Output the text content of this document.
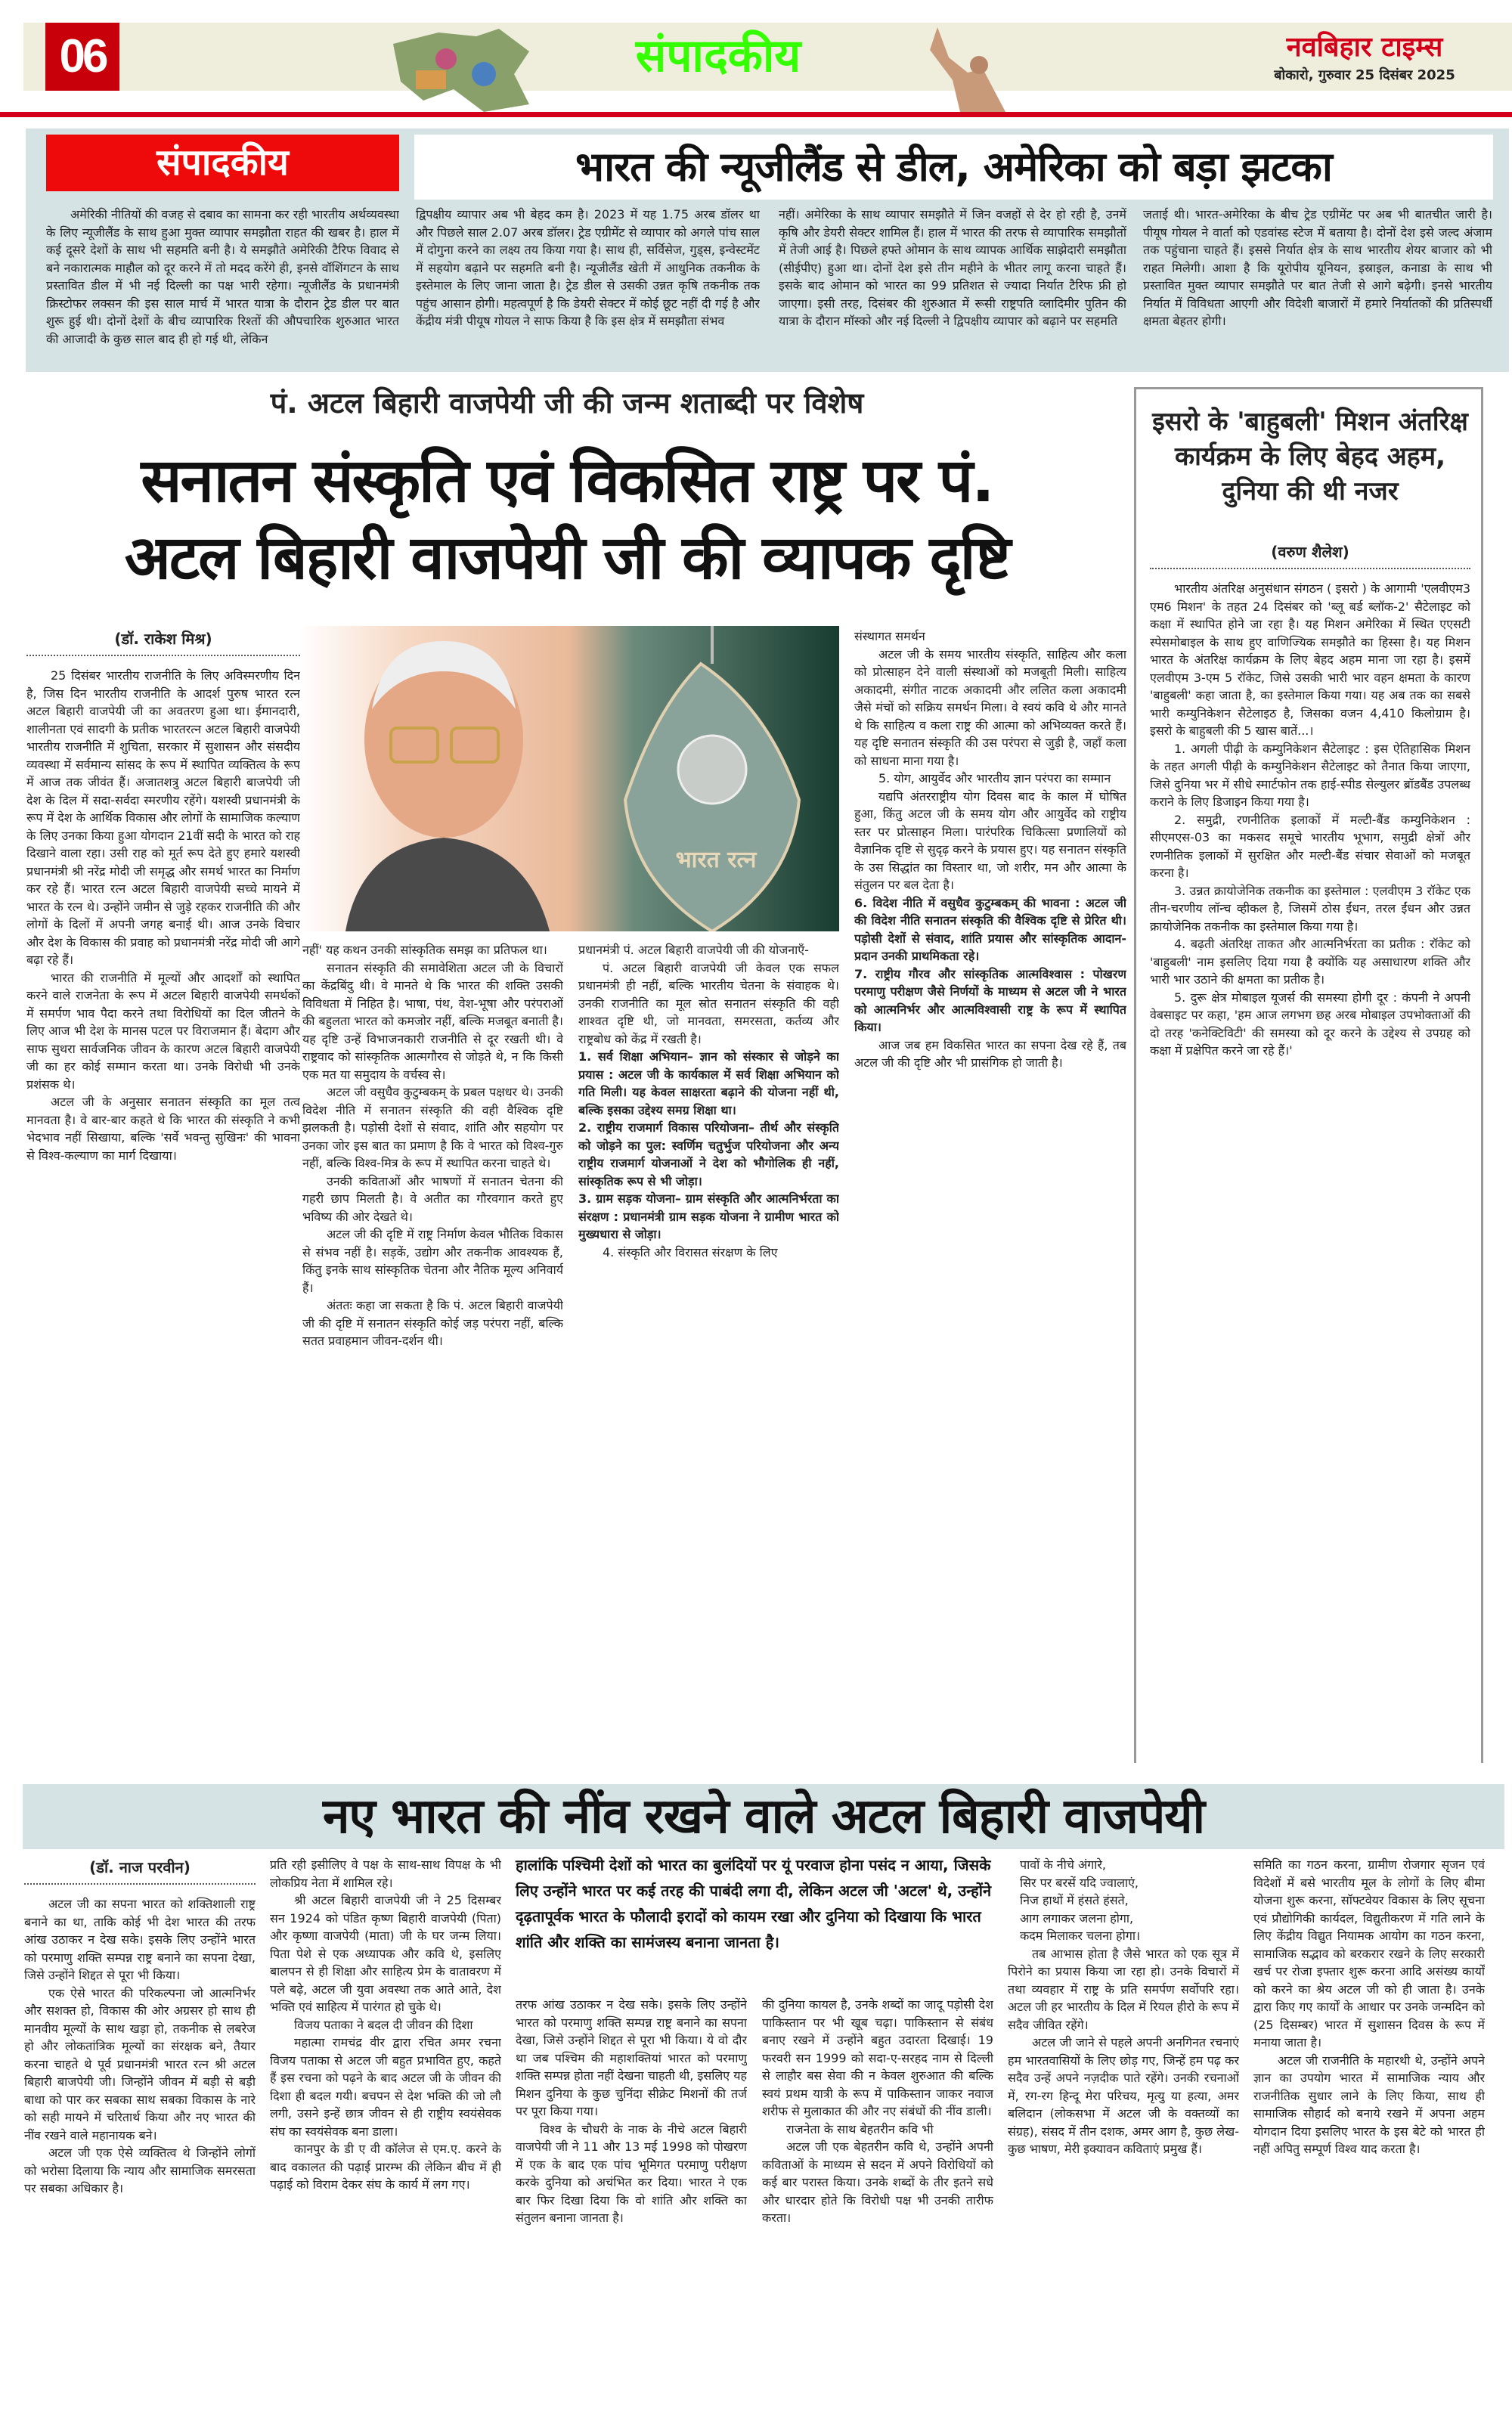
06	संपादकीय	नवबिहार टाइम्स
बोकारो, गुरुवार 25 दिसंबर 2025
संपादकीय	भारत की न्यूजीलैंड से डील, अमेरिका को बड़ा झटका

अमेरिकी नीतियों की वजह से दबाव का सामना कर रही भारतीय अर्थव्यवस्था के लिए न्यूजीलैंड के साथ हुआ मुक्त व्यापार समझौता राहत की खबर है। हाल में कई दूसरे देशों के साथ भी सहमति बनी है। ये समझौते अमेरिकी टैरिफ विवाद से बने नकारात्मक माहौल को दूर करने में तो मदद करेंगे ही, इनसे वॉशिंगटन के साथ प्रस्तावित डील में भी नई दिल्ली का पक्ष भारी रहेगा। न्यूजीलैंड के प्रधानमंत्री क्रिस्टोफर लक्सन की इस साल मार्च में भारत यात्रा के दौरान ट्रेड डील पर बात शुरू हुई थी। दोनों देशों के बीच व्यापारिक रिश्तों की औपचारिक शुरुआत भारत की आजादी के कुछ साल बाद ही हो गई थी, लेकिन

द्विपक्षीय व्यापार अब भी बेहद कम है। 2023 में यह 1.75 अरब डॉलर था और पिछले साल 2.07 अरब डॉलर। ट्रेड एग्रीमेंट से व्यापार को अगले पांच साल में दोगुना करने का लक्ष्य तय किया गया है। साथ ही, सर्विसेज, गुड्स, इन्वेस्टमेंट में सहयोग बढ़ाने पर सहमति बनी है। न्यूजीलैंड खेती में आधुनिक तकनीक के इस्तेमाल के लिए जाना जाता है। ट्रेड डील से उसकी उन्नत कृषि तकनीक तक पहुंच आसान होगी। महत्वपूर्ण है कि डेयरी सेक्टर में कोई छूट नहीं दी गई है और केंद्रीय मंत्री पीयूष गोयल ने साफ किया है कि इस क्षेत्र में समझौता संभव

नहीं। अमेरिका के साथ व्यापार समझौते में जिन वजहों से देर हो रही है, उनमें कृषि और डेयरी सेक्टर शामिल हैं। हाल में भारत की तरफ से व्यापारिक समझौतों में तेजी आई है। पिछले हफ्ते ओमान के साथ व्यापक आर्थिक साझेदारी समझौता (सीईपीए) हुआ था। दोनों देश इसे तीन महीने के भीतर लागू करना चाहते हैं। इसके बाद ओमान को भारत का 99 प्रतिशत से ज्यादा निर्यात टैरिफ फ्री हो जाएगा। इसी तरह, दिसंबर की शुरुआत में रूसी राष्ट्रपति व्लादिमीर पुतिन की यात्रा के दौरान मॉस्को और नई दिल्ली ने द्विपक्षीय व्यापार को बढ़ाने पर सहमति

जताई थी। भारत-अमेरिका के बीच ट्रेड एग्रीमेंट पर अब भी बातचीत जारी है। पीयूष गोयल ने वार्ता को एडवांस्ड स्टेज में बताया है। दोनों देश इसे जल्द अंजाम तक पहुंचाना चाहते हैं। इससे निर्यात क्षेत्र के साथ भारतीय शेयर बाजार को भी राहत मिलेगी। आशा है कि यूरोपीय यूनियन, इस्राइल, कनाडा के साथ भी प्रस्तावित मुक्त व्यापार समझौते पर बात तेजी से आगे बढ़ेगी। इनसे भारतीय निर्यात में विविधता आएगी और विदेशी बाजारों में हमारे निर्यातकों की प्रतिस्पर्धी क्षमता बेहतर होगी।

पं. अटल बिहारी वाजपेयी जी की जन्म शताब्दी पर विशेष
सनातन संस्कृति एवं विकसित राष्ट्र पर पं.
अटल बिहारी वाजपेयी जी की व्यापक दृष्टि
(डॉ. राकेश मिश्र)

25 दिसंबर भारतीय राजनीति के लिए अविस्मरणीय दिन है, जिस दिन भारतीय राजनीति के आदर्श पुरुष भारत रत्न अटल बिहारी वाजपेयी जी का अवतरण हुआ था। ईमानदारी, शालीनता एवं सादगी के प्रतीक भारतरत्न अटल बिहारी वाजपेयी भारतीय राजनीति में शुचिता, सरकार में सुशासन और संसदीय व्यवस्था में सर्वमान्य सांसद के रूप में स्थापित व्यक्तित्व के रूप में आज तक जीवंत हैं। अजातशत्रु अटल बिहारी बाजपेयी जी देश के दिल में सदा-सर्वदा स्मरणीय रहेंगे। यशस्वी प्रधानमंत्री के रूप में देश के आर्थिक विकास और लोगों के सामाजिक कल्याण के लिए उनका किया हुआ योगदान 21वीं सदी के भारत को राह दिखाने वाला रहा। उसी राह को मूर्त रूप देते हुए हमारे यशस्वी प्रधानमंत्री श्री नरेंद्र मोदी जी समृद्ध और समर्थ भारत का निर्माण कर रहे हैं। भारत रत्न अटल बिहारी वाजपेयी सच्चे मायने में भारत के रत्न थे। उन्होंने जमीन से जुड़े रहकर राजनीति की और लोगों के दिलों में अपनी जगह बनाई थी। आज उनके विचार और देश के विकास की प्रवाह को प्रधानमंत्री नरेंद्र मोदी जी आगे बढ़ा रहे हैं।

भारत की राजनीति में मूल्यों और आदर्शों को स्थापित करने वाले राजनेता के रूप में अटल बिहारी वाजपेयी समर्थकों में समर्पण भाव पैदा करने तथा विरोधियों का दिल जीतने के लिए आज भी देश के मानस पटल पर विराजमान हैं। बेदाग और साफ सुथरा सार्वजनिक जीवन के कारण अटल बिहारी वाजपेयी जी का हर कोई सम्मान करता था। उनके विरोधी भी उनके प्रशंसक थे।

अटल जी के अनुसार सनातन संस्कृति का मूल तत्व मानवता है। वे बार-बार कहते थे कि भारत की संस्कृति ने कभी भेदभाव नहीं सिखाया, बल्कि 'सर्वे भवन्तु सुखिनः' की भावना से विश्व-कल्याण का मार्ग दिखाया।

भारत रत्न

नहीं' यह कथन उनकी सांस्कृतिक समझ का प्रतिफल था।

सनातन संस्कृति की समावेशिता अटल जी के विचारों का केंद्रबिंदु थी। वे मानते थे कि भारत की शक्ति उसकी विविधता में निहित है। भाषा, पंथ, वेश-भूषा और परंपराओं की बहुलता भारत को कमजोर नहीं, बल्कि मजबूत बनाती है। यह दृष्टि उन्हें विभाजनकारी राजनीति से दूर रखती थी। वे राष्ट्रवाद को सांस्कृतिक आत्मगौरव से जोड़ते थे, न कि किसी एक मत या समुदाय के वर्चस्व से।

अटल जी वसुधैव कुटुम्बकम् के प्रबल पक्षधर थे। उनकी विदेश नीति में सनातन संस्कृति की वही वैश्विक दृष्टि झलकती है। पड़ोसी देशों से संवाद, शांति और सहयोग पर उनका जोर इस बात का प्रमाण है कि वे भारत को विश्व-गुरु नहीं, बल्कि विश्व-मित्र के रूप में स्थापित करना चाहते थे।

उनकी कविताओं और भाषणों में सनातन चेतना की गहरी छाप मिलती है। वे अतीत का गौरवगान करते हुए भविष्य की ओर देखते थे।

अटल जी की दृष्टि में राष्ट्र निर्माण केवल भौतिक विकास से संभव नहीं है। सड़कें, उद्योग और तकनीक आवश्यक हैं, किंतु इनके साथ सांस्कृतिक चेतना और नैतिक मूल्य अनिवार्य हैं।

अंततः कहा जा सकता है कि पं. अटल बिहारी वाजपेयी जी की दृष्टि में सनातन संस्कृति कोई जड़ परंपरा नहीं, बल्कि सतत प्रवाहमान जीवन-दर्शन थी।

प्रधानमंत्री पं. अटल बिहारी वाजपेयी जी की योजनाएँ-

पं. अटल बिहारी वाजपेयी जी केवल एक सफल प्रधानमंत्री ही नहीं, बल्कि भारतीय चेतना के संवाहक थे। उनकी राजनीति का मूल स्रोत सनातन संस्कृति की वही शाश्वत दृष्टि थी, जो मानवता, समरसता, कर्तव्य और राष्ट्रबोध को केंद्र में रखती है।

1. सर्व शिक्षा अभियान– ज्ञान को संस्कार से जोड़ने का प्रयास : अटल जी के कार्यकाल में सर्व शिक्षा अभियान को गति मिली। यह केवल साक्षरता बढ़ाने की योजना नहीं थी, बल्कि इसका उद्देश्य समग्र शिक्षा था।

2. राष्ट्रीय राजमार्ग विकास परियोजना– तीर्थ और संस्कृति को जोड़ने का पुल: स्वर्णिम चतुर्भुज परियोजना और अन्य राष्ट्रीय राजमार्ग योजनाओं ने देश को भौगोलिक ही नहीं, सांस्कृतिक रूप से भी जोड़ा।

3. ग्राम सड़क योजना– ग्राम संस्कृति और आत्मनिर्भरता का संरक्षण : प्रधानमंत्री ग्राम सड़क योजना ने ग्रामीण भारत को मुख्यधारा से जोड़ा।

4. संस्कृति और विरासत संरक्षण के लिए

संस्थागत समर्थन

अटल जी के समय भारतीय संस्कृति, साहित्य और कला को प्रोत्साहन देने वाली संस्थाओं को मजबूती मिली। साहित्य अकादमी, संगीत नाटक अकादमी और ललित कला अकादमी जैसे मंचों को सक्रिय समर्थन मिला। वे स्वयं कवि थे और मानते थे कि साहित्य व कला राष्ट्र की आत्मा को अभिव्यक्त करते हैं। यह दृष्टि सनातन संस्कृति की उस परंपरा से जुड़ी है, जहाँ कला को साधना माना गया है।

5. योग, आयुर्वेद और भारतीय ज्ञान परंपरा का सम्मान

यद्यपि अंतरराष्ट्रीय योग दिवस बाद के काल में घोषित हुआ, किंतु अटल जी के समय योग और आयुर्वेद को राष्ट्रीय स्तर पर प्रोत्साहन मिला। पारंपरिक चिकित्सा प्रणालियों को वैज्ञानिक दृष्टि से सुदृढ़ करने के प्रयास हुए। यह सनातन संस्कृति के उस सिद्धांत का विस्तार था, जो शरीर, मन और आत्मा के संतुलन पर बल देता है।

6. विदेश नीति में वसुधैव कुटुम्बकम् की भावना : अटल जी की विदेश नीति सनातन संस्कृति की वैश्विक दृष्टि से प्रेरित थी। पड़ोसी देशों से संवाद, शांति प्रयास और सांस्कृतिक आदान-प्रदान उनकी प्राथमिकता रहे।

7. राष्ट्रीय गौरव और सांस्कृतिक आत्मविश्वास : पोखरण परमाणु परीक्षण जैसे निर्णयों के माध्यम से अटल जी ने भारत को आत्मनिर्भर और आत्मविश्वासी राष्ट्र के रूप में स्थापित किया।

आज जब हम विकसित भारत का सपना देख रहे हैं, तब अटल जी की दृष्टि और भी प्रासंगिक हो जाती है।

इसरो के 'बाहुबली' मिशन अंतरिक्ष कार्यक्रम के लिए बेहद अहम, दुनिया की थी नजर
(वरुण शैलेश)

भारतीय अंतरिक्ष अनुसंधान संगठन ( इसरो ) के आगामी 'एलवीएम3 एम6 मिशन' के तहत 24 दिसंबर को 'ब्लू बर्ड ब्लॉक-2' सैटेलाइट को कक्षा में स्थापित होने जा रहा है। यह मिशन अमेरिका में स्थित एएसटी स्पेसमोबाइल के साथ हुए वाणिज्यिक समझौते का हिस्सा है। यह मिशन भारत के अंतरिक्ष कार्यक्रम के लिए बेहद अहम माना जा रहा है। इसमें एलवीएम 3-एम 5 रॉकेट, जिसे उसकी भारी भार वहन क्षमता के कारण 'बाहुबली' कहा जाता है, का इस्तेमाल किया गया। यह अब तक का सबसे भारी कम्युनिकेशन सैटेलाइठ है, जिसका वजन 4,410 किलोग्राम है। इसरो के बाहुबली की 5 खास बातें...।

1. अगली पीढ़ी के कम्युनिकेशन सैटेलाइट : इस ऐतिहासिक मिशन के तहत अगली पीढ़ी के कम्युनिकेशन सैटेलाइट को तैनात किया जाएगा, जिसे दुनिया भर में सीधे स्मार्टफोन तक हाई-स्पीड सेल्युलर ब्रॉडबैंड उपलब्ध कराने के लिए डिजाइन किया गया है।

2. समुद्री, रणनीतिक इलाकों में मल्टी-बैंड कम्युनिकेशन : सीएमएस-03 का मकसद समूचे भारतीय भूभाग, समुद्री क्षेत्रों और रणनीतिक इलाकों में सुरक्षित और मल्टी-बैंड संचार सेवाओं को मजबूत करना है।

3. उन्नत क्रायोजेनिक तकनीक का इस्तेमाल : एलवीएम 3 रॉकेट एक तीन-चरणीय लॉन्च व्हीकल है, जिसमें ठोस ईंधन, तरल ईंधन और उन्नत क्रायोजेनिक तकनीक का इस्तेमाल किया गया है।

4. बढ़ती अंतरिक्ष ताकत और आत्मनिर्भरता का प्रतीक : रॉकेट को 'बाहुबली' नाम इसलिए दिया गया है क्योंकि यह असाधारण शक्ति और भारी भार उठाने की क्षमता का प्रतीक है।

5. दुरू क्षेत्र मोबाइल यूजर्स की समस्या होगी दूर : कंपनी ने अपनी वेबसाइट पर कहा, 'हम आज लगभग छह अरब मोबाइल उपभोक्ताओं की दो तरह 'कनेक्टिविटी' की समस्या को दूर करने के उद्देश्य से उपग्रह को कक्षा में प्रक्षेपित करने जा रहे हैं।'

नए भारत की नींव रखने वाले अटल बिहारी वाजपेयी
(डॉ. नाज परवीन)

अटल जी का सपना भारत को शक्तिशाली राष्ट्र बनाने का था, ताकि कोई भी देश भारत की तरफ आंख उठाकर न देख सके। इसके लिए उन्होंने भारत को परमाणु शक्ति सम्पन्न राष्ट्र बनाने का सपना देखा, जिसे उन्होंने शिद्दत से पूरा भी किया।

एक ऐसे भारत की परिकल्पना जो आत्मनिर्भर और सशक्त हो, विकास की ओर अग्रसर हो साथ ही मानवीय मूल्यों के साथ खड़ा हो, तकनीक से लबरेज हो और लोकतांत्रिक मूल्यों का संरक्षक बने, तैयार करना चाहते थे पूर्व प्रधानमंत्री भारत रत्न श्री अटल बिहारी बाजपेयी जी। जिन्होंने जीवन में बड़ी से बड़ी बाधा को पार कर सबका साथ सबका विकास के नारे को सही मायने में चरितार्थ किया और नए भारत की नींव रखने वाले महानायक बने।

अटल जी एक ऐसे व्यक्तित्व थे जिन्होंने लोगों को भरोसा दिलाया कि न्याय और सामाजिक समरसता पर सबका अधिकार है।

प्रति रही इसीलिए वे पक्ष के साथ-साथ विपक्ष के भी लोकप्रिय नेता में शामिल रहे।

श्री अटल बिहारी वाजपेयी जी ने 25 दिसम्बर सन 1924 को पंडित कृष्ण बिहारी वाजपेयी (पिता) और कृष्णा वाजपेयी (माता) जी के घर जन्म लिया। पिता पेशे से एक अध्यापक और कवि थे, इसलिए बालपन से ही शिक्षा और साहित्य प्रेम के वातावरण में पले बढ़े, अटल जी युवा अवस्था तक आते आते, देश भक्ति एवं साहित्य में पारंगत हो चुके थे।

विजय पताका ने बदल दी जीवन की दिशा

महात्मा रामचंद्र वीर द्वारा रचित अमर रचना विजय पताका से अटल जी बहुत प्रभावित हुए, कहते हैं इस रचना को पढ़ने के बाद अटल जी के जीवन की दिशा ही बदल गयी। बचपन से देश भक्ति की जो लौ लगी, उसने इन्हें छात्र जीवन से ही राष्ट्रीय स्वयंसेवक संघ का स्वयंसेवक बना डाला।

कानपुर के डी ए वी कॉलेज से एम.ए. करने के बाद वकालत की पढ़ाई प्रारम्भ की लेकिन बीच में ही पढ़ाई को विराम देकर संघ के कार्य में लग गए।

हालांकि पश्चिमी देशों को भारत का बुलंदियों पर यूं परवाज होना पसंद न आया, जिसके लिए उन्होंने भारत पर कई तरह की पाबंदी लगा दी, लेकिन अटल जी 'अटल' थे, उन्होंने दृढ़तापूर्वक भारत के फौलादी इरादों को कायम रखा और दुनिया को दिखाया कि भारत शांति और शक्ति का सामंजस्य बनाना जानता है।

तरफ आंख उठाकर न देख सके। इसके लिए उन्होंने भारत को परमाणु शक्ति सम्पन्न राष्ट्र बनाने का सपना देखा, जिसे उन्होंने शिद्दत से पूरा भी किया। ये वो दौर था जब पश्चिम की महाशक्तियां भारत को परमाणु शक्ति सम्पन्न होता नहीं देखना चाहती थी, इसलिए यह मिशन दुनिया के कुछ चुनिंदा सीक्रेट मिशनों की तर्ज पर पूरा किया गया।

विश्व के चौधरी के नाक के नीचे अटल बिहारी वाजपेयी जी ने 11 और 13 मई 1998 को पोखरण में एक के बाद एक पांच भूमिगत परमाणु परीक्षण करके दुनिया को अचंभित कर दिया। भारत ने एक बार फिर दिखा दिया कि वो शांति और शक्ति का संतुलन बनाना जानता है।

की दुनिया कायल है, उनके शब्दों का जादू पड़ोसी देश पाकिस्तान पर भी खूब चढ़ा। पाकिस्तान से संबंध बनाए रखने में उन्होंने बहुत उदारता दिखाई। 19 फरवरी सन 1999 को सदा-ए-सरहद नाम से दिल्ली से लाहौर बस सेवा की न केवल शुरुआत की बल्कि स्वयं प्रथम यात्री के रूप में पाकिस्तान जाकर नवाज शरीफ से मुलाकात की और नए संबंधों की नींव डाली।

राजनेता के साथ बेहतरीन कवि भी

अटल जी एक बेहतरीन कवि थे, उन्होंने अपनी कविताओं के माध्यम से सदन में अपने विरोधियों को कई बार परास्त किया। उनके शब्दों के तीर इतने सधे और धारदार होते कि विरोधी पक्ष भी उनकी तारीफ करता।

पावों के नीचे अंगारे,

सिर पर बरसें यदि ज्वालाएं,

निज हाथों में हंसते हंसते,

आग लगाकर जलना होगा,

कदम मिलाकर चलना होगा।

तब आभास होता है जैसे भारत को एक सूत्र में पिरोने का प्रयास किया जा रहा हो। उनके विचारों में तथा व्यवहार में राष्ट्र के प्रति समर्पण सर्वोपरि रहा। अटल जी हर भारतीय के दिल में रियल हीरो के रूप में सदैव जीवित रहेंगे।

अटल जी जाने से पहले अपनी अनगिनत रचनाएं हम भारतवासियों के लिए छोड़ गए, जिन्हें हम पढ़ कर सदैव उन्हें अपने नज़दीक पाते रहेंगे। उनकी रचनाओं में, रग-रग हिन्दू मेरा परिचय, मृत्यु या हत्या, अमर बलिदान (लोकसभा में अटल जी के वक्तव्यों का संग्रह), संसद में तीन दशक, अमर आग है, कुछ लेख-कुछ भाषण, मेरी इक्यावन कविताएं प्रमुख हैं।

समिति का गठन करना, ग्रामीण रोजगार सृजन एवं विदेशों में बसे भारतीय मूल के लोगों के लिए बीमा योजना शुरू करना, सॉफ्टवेयर विकास के लिए सूचना एवं प्रौद्योगिकी कार्यदल, विद्युतीकरण में गति लाने के लिए केंद्रीय विद्युत नियामक आयोग का गठन करना, सामाजिक सद्भाव को बरकरार रखने के लिए सरकारी खर्च पर रोजा इफ्तार शुरू करना आदि असंख्य कार्यों को करने का श्रेय अटल जी को ही जाता है। उनके द्वारा किए गए कार्यों के आधार पर उनके जन्मदिन को (25 दिसम्बर) भारत में सुशासन दिवस के रूप में मनाया जाता है।

अटल जी राजनीति के महारथी थे, उन्होंने अपने ज्ञान का उपयोग भारत में सामाजिक न्याय और राजनीतिक सुधार लाने के लिए किया, साथ ही सामाजिक सौहार्द को बनाये रखने में अपना अहम योगदान दिया इसलिए भारत के इस बेटे को भारत ही नहीं अपितु सम्पूर्ण विश्व याद करता है।
